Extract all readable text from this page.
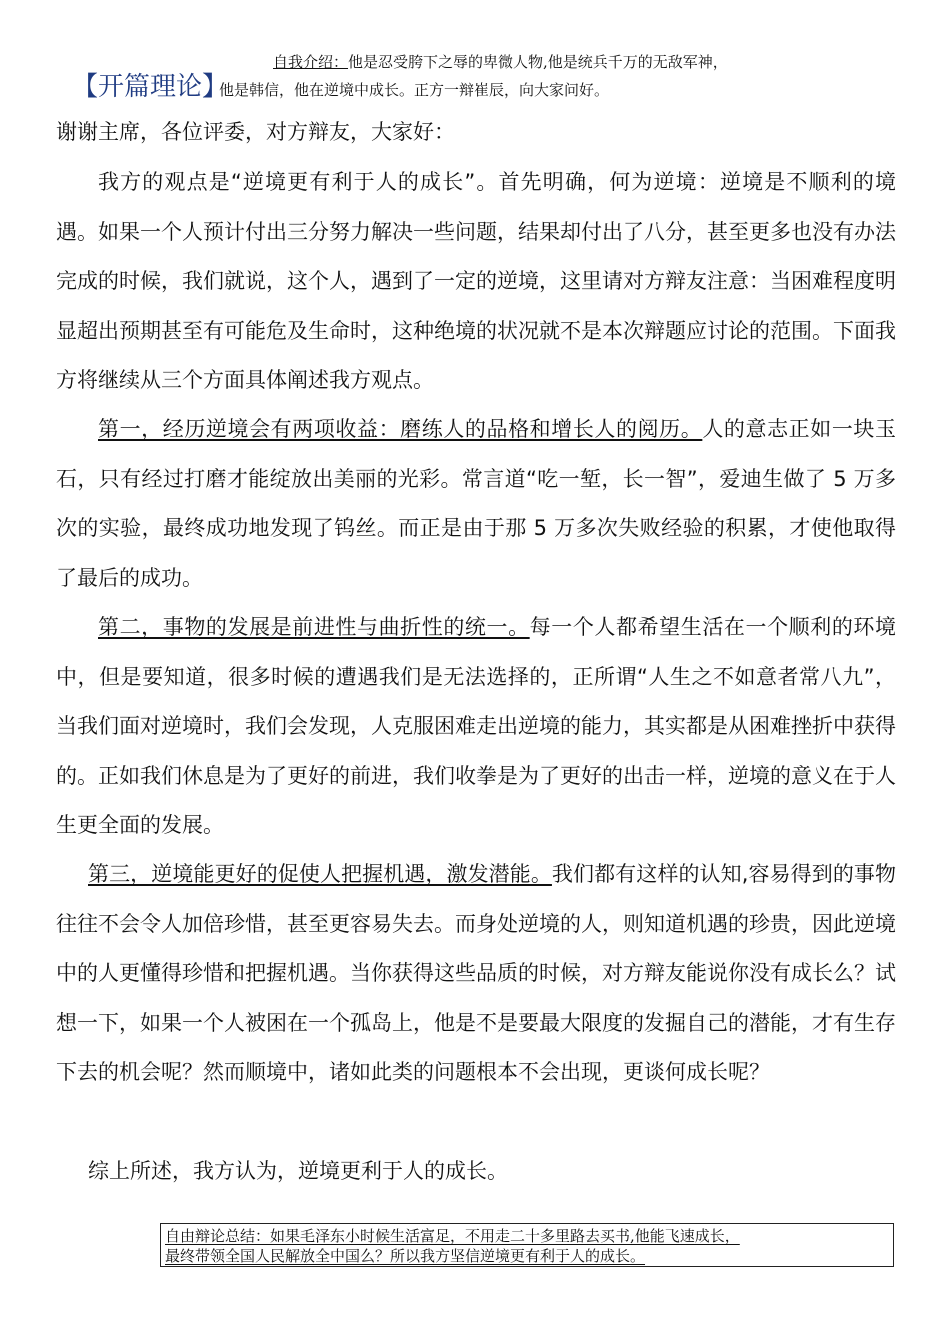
自我介绍：他是忍受胯下之辱的卑微人物,他是统兵千万的无敌军神，
【开篇理论】
他是韩信，他在逆境中成长。正方一辩崔辰，向大家问好。
谢谢主席，各位评委，对方辩友，大家好：
我方的观点是“逆境更有利于人的成长”。首先明确，何为逆境：逆境是不顺利的境遇。如果一个人预计付出三分努力解决一些问题，结果却付出了八分，甚至更多也没有办法完成的时候，我们就说，这个人，遇到了一定的逆境，这里请对方辩友注意：当困难程度明显超出预期甚至有可能危及生命时，这种绝境的状况就不是本次辩题应讨论的范围。下面我方将继续从三个方面具体阐述我方观点。
第一，经历逆境会有两项收益：磨练人的品格和增长人的阅历。人的意志正如一块玉石，只有经过打磨才能绽放出美丽的光彩。常言道“吃一堑，长一智”，爱迪生做了 5 万多次的实验，最终成功地发现了钨丝。而正是由于那 5 万多次失败经验的积累，才使他取得了最后的成功。
第二，事物的发展是前进性与曲折性的统一。每一个人都希望生活在一个顺利的环境中，但是要知道，很多时候的遭遇我们是无法选择的，正所谓“人生之不如意者常八九”，当我们面对逆境时，我们会发现，人克服困难走出逆境的能力，其实都是从困难挫折中获得的。正如我们休息是为了更好的前进，我们收拳是为了更好的出击一样，逆境的意义在于人生更全面的发展。
第三，逆境能更好的促使人把握机遇，激发潜能。我们都有这样的认知,容易得到的事物往往不会令人加倍珍惜，甚至更容易失去。而身处逆境的人，则知道机遇的珍贵，因此逆境中的人更懂得珍惜和把握机遇。当你获得这些品质的时候，对方辩友能说你没有成长么？试想一下，如果一个人被困在一个孤岛上，他是不是要最大限度的发掘自己的潜能，才有生存下去的机会呢？然而顺境中，诸如此类的问题根本不会出现，更谈何成长呢？
综上所述，我方认为，逆境更利于人的成长。
自由辩论总结：如果毛泽东小时候生活富足，不用走二十多里路去买书,他能飞速成长，
最终带领全国人民解放全中国么？所以我方坚信逆境更有利于人的成长。
